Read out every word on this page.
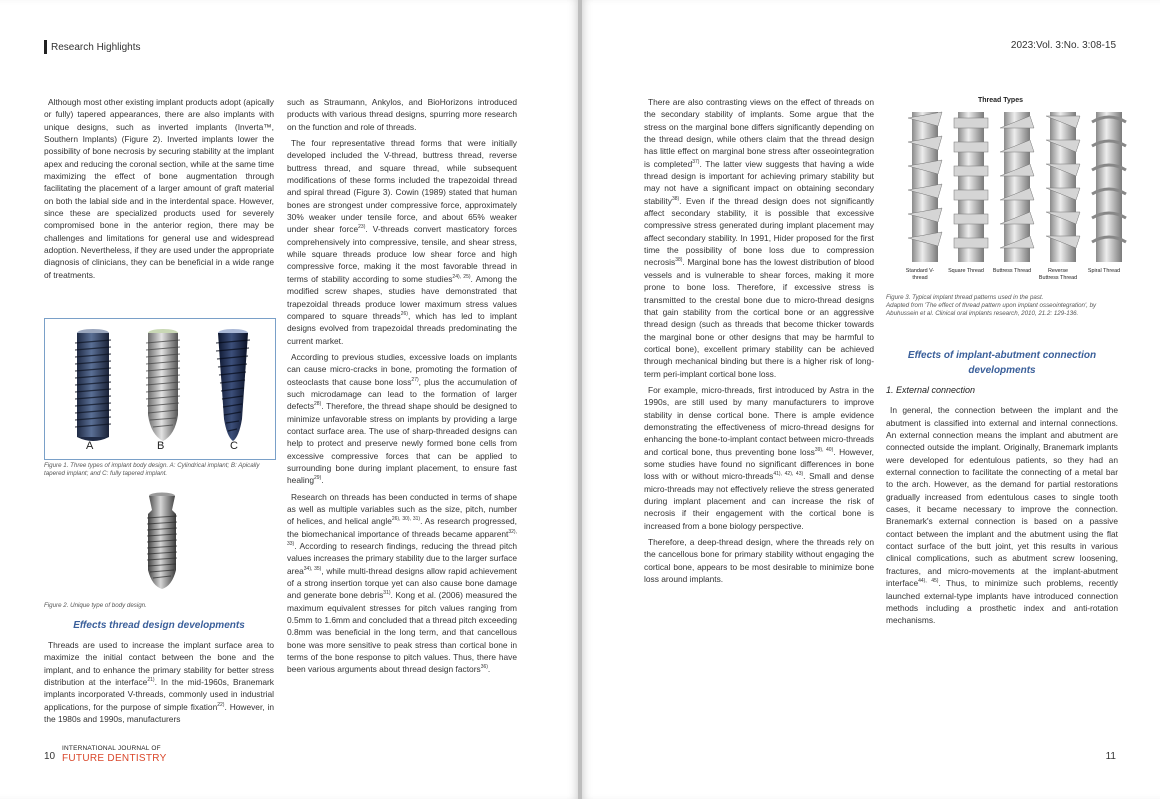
Research Highlights

Although most other existing implant products adopt (apically or fully) tapered appearances, there are also implants with unique designs, such as inverted implants (Inverta™, Southern Implants) (Figure 2). Inverted implants lower the possibility of bone necrosis by securing stability at the implant apex and reducing the coronal section, while at the same time maximizing the effect of bone augmentation through facilitating the placement of a larger amount of graft material on both the labial side and in the interdental space. However, since these are specialized products used for severely compromised bone in the anterior region, there may be challenges and limitations for general use and widespread adoption. Nevertheless, if they are used under the appropriate diagnosis of clinicians, they can be beneficial in a wide range of treatments.

A	B	C
Figure 1. Three types of implant body design. A: Cylindrical implant; B: Apically tapered implant; and C: fully tapered implant.
Figure 2. Unique type of body design.
Effects thread design developments

Threads are used to increase the implant surface area to maximize the initial contact between the bone and the implant, and to enhance the primary stability for better stress distribution at the interface$^{21)}$. In the mid-1960s, Branemark implants incorporated V-threads, commonly used in industrial applications, for the purpose of simple fixation$^{22)}$. However, in the 1980s and 1990s, manufacturers

such as Straumann, Ankylos, and BioHorizons introduced products with various thread designs, spurring more research on the function and role of threads.

The four representative thread forms that were initially developed included the V-thread, buttress thread, reverse buttress thread, and square thread, while subsequent modifications of these forms included the trapezoidal thread and spiral thread (Figure 3). Cowin (1989) stated that human bones are strongest under compressive force, approximately 30% weaker under tensile force, and about 65% weaker under shear force$^{23)}$. V-threads convert masticatory forces comprehensively into compressive, tensile, and shear stress, while square threads produce low shear force and high compressive force, making it the most favorable thread in terms of stability according to some studies$^{24), 25)}$. Among the modified screw shapes, studies have demonstrated that trapezoidal threads produce lower maximum stress values compared to square threads$^{26)}$, which has led to implant designs evolved from trapezoidal threads predominating the current market.

According to previous studies, excessive loads on implants can cause micro-cracks in bone, promoting the formation of osteoclasts that cause bone loss$^{27)}$, plus the accumulation of such microdamage can lead to the formation of larger defects$^{28)}$. Therefore, the thread shape should be designed to minimize unfavorable stress on implants by providing a large contact surface area. The use of sharp-threaded designs can help to protect and preserve newly formed bone cells from excessive compressive forces that can be applied to surrounding bone during implant placement, to ensure fast healing$^{29)}$.

Research on threads has been conducted in terms of shape as well as multiple variables such as the size, pitch, number of helices, and helical angle$^{26), 30), 31)}$. As research progressed, the biomechanical importance of threads became apparent$^{32), 33)}$. According to research findings, reducing the thread pitch values increases the primary stability due to the larger surface area$^{34), 35)}$, while multi-thread designs allow rapid achievement of a strong insertion torque yet can also cause bone damage and generate bone debris$^{31)}$. Kong et al. (2006) measured the maximum equivalent stresses for pitch values ranging from 0.5mm to 1.6mm and concluded that a thread pitch exceeding 0.8mm was beneficial in the long term, and that cancellous bone was more sensitive to peak stress than cortical bone in terms of the bone response to pitch values. Thus, there have been various arguments about thread design factors$^{36)}$.

10
INTERNATIONAL JOURNAL OF
FUTURE DENTISTRY
2023:Vol. 3:No. 3:08-15

There are also contrasting views on the effect of threads on the secondary stability of implants. Some argue that the stress on the marginal bone differs significantly depending on the thread design, while others claim that the thread design has little effect on marginal bone stress after osseointegration is completed$^{37)}$. The latter view suggests that having a wide thread design is important for achieving primary stability but may not have a significant impact on obtaining secondary stability$^{38)}$. Even if the thread design does not significantly affect secondary stability, it is possible that excessive compressive stress generated during implant placement may affect secondary stability. In 1991, Hider proposed for the first time the possibility of bone loss due to compression necrosis$^{38)}$. Marginal bone has the lowest distribution of blood vessels and is vulnerable to shear forces, making it more prone to bone loss. Therefore, if excessive stress is transmitted to the crestal bone due to micro-thread designs that gain stability from the cortical bone or an aggressive thread design (such as threads that become thicker towards the marginal bone or other designs that may be harmful to cortical bone), excellent primary stability can be achieved through mechanical binding but there is a higher risk of long-term peri-implant cortical bone loss.

For example, micro-threads, first introduced by Astra in the 1990s, are still used by many manufacturers to improve stability in dense cortical bone. There is ample evidence demonstrating the effectiveness of micro-thread designs for enhancing the bone-to-implant contact between micro-threads and cortical bone, thus preventing bone loss$^{39), 40)}$. However, some studies have found no significant differences in bone loss with or without micro-threads$^{41), 42), 43)}$. Small and dense micro-threads may not effectively relieve the stress generated during implant placement and can increase the risk of necrosis if their engagement with the cortical bone is increased from a bone biology perspective.

Therefore, a deep-thread design, where the threads rely on the cancellous bone for primary stability without engaging the cortical bone, appears to be most desirable to minimize bone loss around implants.

Thread Types
Standard V-thread
Square Thread	Buttress Thread	Reverse Buttress Thread
Spiral Thread
Figure 3. Typical implant thread patterns used in the past.
Adapted from 'The effect of thread pattern upon implant osseointegration', by Abuhussein et al. Clinical oral implants research, 2010, 21.2: 129-136.
Effects of implant-abutment connection developments
1. External connection

In general, the connection between the implant and the abutment is classified into external and internal connections. An external connection means the implant and abutment are connected outside the implant. Originally, Branemark implants were developed for edentulous patients, so they had an external connection to facilitate the connecting of a metal bar to the arch. However, as the demand for partial restorations gradually increased from edentulous cases to single tooth cases, it became necessary to improve the connection. Branemark's external connection is based on a passive contact between the implant and the abutment using the flat contact surface of the butt joint, yet this results in various clinical complications, such as abutment screw loosening, fractures, and micro-movements at the implant-abutment interface$^{44), 45)}$. Thus, to minimize such problems, recently launched external-type implants have introduced connection methods including a prosthetic index and anti-rotation mechanisms.

11
